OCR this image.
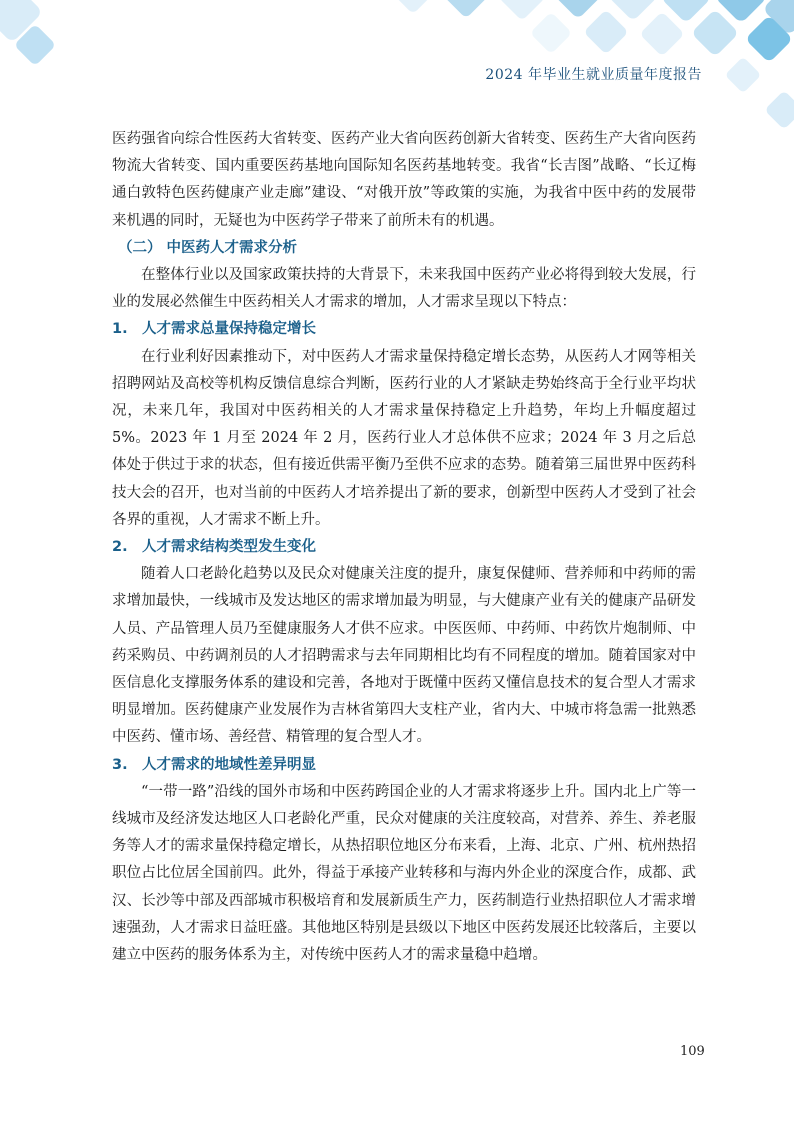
2024 年毕业生就业质量年度报告

医药强省向综合性医药大省转变、医药产业大省向医药创新大省转变、医药生产大省向医药物流大省转变、国内重要医药基地向国际知名医药基地转变。我省“长吉图”战略、“长辽梅通白敦特色医药健康产业走廊”建设、“对俄开放”等政策的实施，为我省中医中药的发展带来机遇的同时，无疑也为中医药学子带来了前所未有的机遇。

（二） 中医药人才需求分析

在整体行业以及国家政策扶持的大背景下，未来我国中医药产业必将得到较大发展，行业的发展必然催生中医药相关人才需求的增加，人才需求呈现以下特点：

1. 人才需求总量保持稳定增长

在行业利好因素推动下，对中医药人才需求量保持稳定增长态势，从医药人才网等相关招聘网站及高校等机构反馈信息综合判断，医药行业的人才紧缺走势始终高于全行业平均状况，未来几年，我国对中医药相关的人才需求量保持稳定上升趋势，年均上升幅度超过 5%。2023 年 1 月至 2024 年 2 月，医药行业人才总体供不应求；2024 年 3 月之后总体处于供过于求的状态，但有接近供需平衡乃至供不应求的态势。随着第三届世界中医药科技大会的召开，也对当前的中医药人才培养提出了新的要求，创新型中医药人才受到了社会各界的重视，人才需求不断上升。

2. 人才需求结构类型发生变化

随着人口老龄化趋势以及民众对健康关注度的提升，康复保健师、营养师和中药师的需求增加最快，一线城市及发达地区的需求增加最为明显，与大健康产业有关的健康产品研发人员、产品管理人员乃至健康服务人才供不应求。中医医师、中药师、中药饮片炮制师、中药采购员、中药调剂员的人才招聘需求与去年同期相比均有不同程度的增加。随着国家对中医信息化支撑服务体系的建设和完善，各地对于既懂中医药又懂信息技术的复合型人才需求明显增加。医药健康产业发展作为吉林省第四大支柱产业，省内大、中城市将急需一批熟悉中医药、懂市场、善经营、精管理的复合型人才。

3. 人才需求的地域性差异明显

“一带一路”沿线的国外市场和中医药跨国企业的人才需求将逐步上升。国内北上广等一线城市及经济发达地区人口老龄化严重，民众对健康的关注度较高，对营养、养生、养老服务等人才的需求量保持稳定增长，从热招职位地区分布来看，上海、北京、广州、杭州热招职位占比位居全国前四。此外，得益于承接产业转移和与海内外企业的深度合作，成都、武汉、长沙等中部及西部城市积极培育和发展新质生产力，医药制造行业热招职位人才需求增速强劲，人才需求日益旺盛。其他地区特别是县级以下地区中医药发展还比较落后，主要以建立中医药的服务体系为主，对传统中医药人才的需求量稳中趋增。

109
